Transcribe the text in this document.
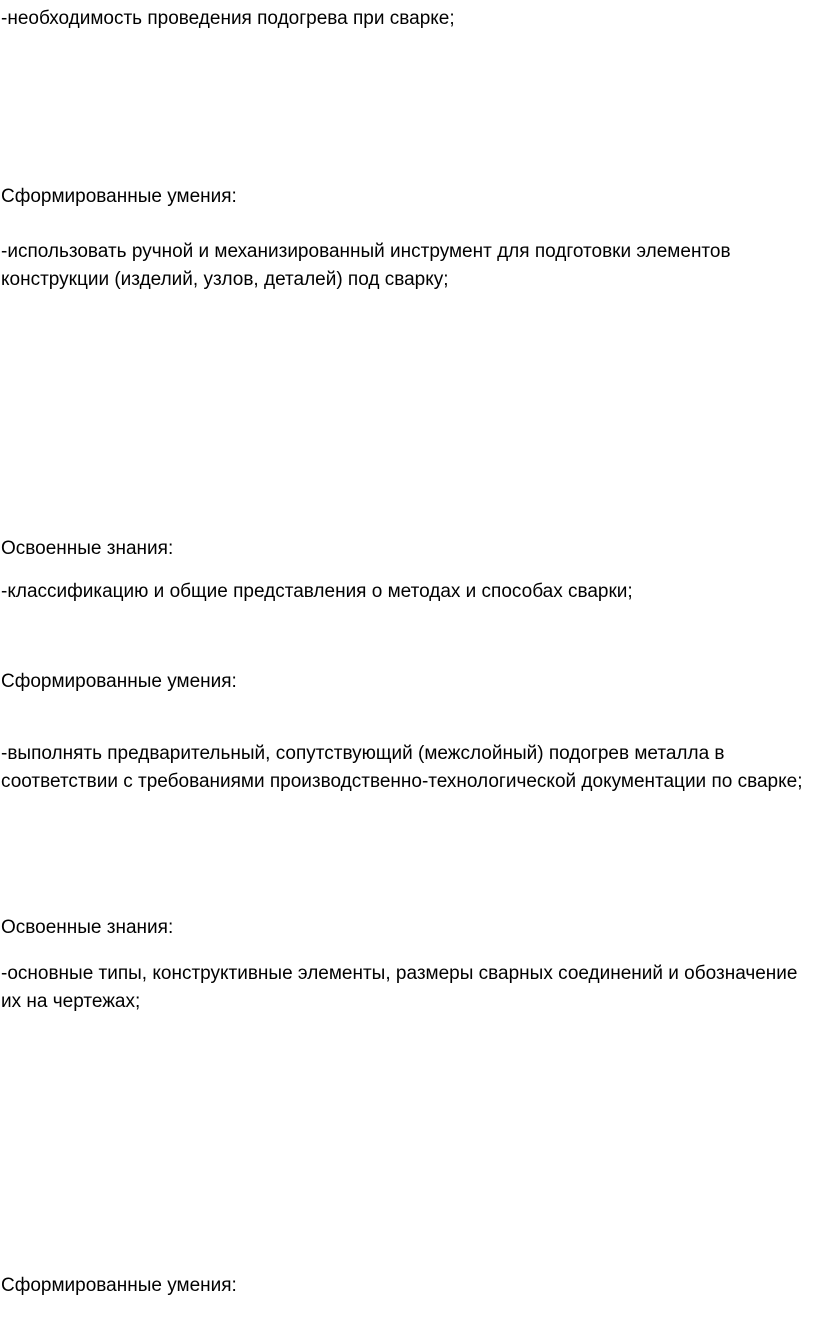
-необходимость проведения подогрева при сварке;

Сформированные умения:

-использовать ручной и механизированный инструмент для подготовки элементов конструкции (изделий, узлов, деталей) под сварку;

Освоенные знания:

-классификацию и общие представления о методах и способах сварки;

Сформированные умения:

-выполнять предварительный, сопутствующий (межслойный) подогрев металла в соответствии с требованиями производственно-технологической документации по сварке;

Освоенные знания:

-основные типы, конструктивные элементы, размеры сварных соединений и обозначение их на чертежах;

Сформированные умения:
